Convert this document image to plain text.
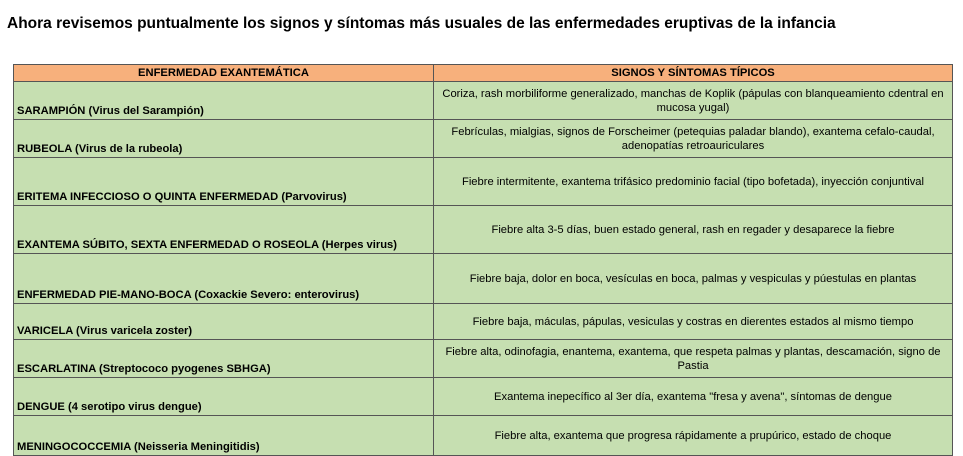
Ahora revisemos puntualmente los signos y síntomas más usuales de las enfermedades eruptivas de la infancia
ENFERMEDAD EXANTEMÁTICA	SIGNOS Y SÍNTOMAS TÍPICOS
SARAMPIÓN (Virus del Sarampión)	Coriza, rash morbiliforme generalizado, manchas de Koplik (pápulas con blanqueamiento cdentral en mucosa yugal)
RUBEOLA (Virus de la rubeola)	Febrículas, mialgias, signos de Forscheimer (petequias paladar blando), exantema cefalo-caudal, adenopatías retroauriculares
ERITEMA INFECCIOSO O QUINTA ENFERMEDAD (Parvovirus)	Fiebre intermitente, exantema trifásico predominio facial (tipo bofetada), inyección conjuntival
EXANTEMA SÚBITO, SEXTA ENFERMEDAD O ROSEOLA (Herpes virus)	Fiebre alta 3-5 días, buen estado general, rash en regader y desaparece la fiebre
ENFERMEDAD PIE-MANO-BOCA (Coxackie Severo: enterovirus)	Fiebre baja, dolor en boca, vesículas en boca, palmas y vespiculas y púestulas en plantas
VARICELA (Virus varicela zoster)	Fiebre baja, máculas, pápulas, vesiculas y costras en dierentes estados al mismo tiempo
ESCARLATINA (Streptococo pyogenes SBHGA)	Fiebre alta, odinofagia, enantema, exantema, que respeta palmas y plantas, descamación, signo de Pastia
DENGUE (4 serotipo virus dengue)	Exantema inepecífico al 3er día, exantema "fresa y avena", síntomas de dengue
MENINGOCOCCEMIA (Neisseria Meningitidis)	Fiebre alta, exantema que progresa rápidamente a prupúrico, estado de choque
